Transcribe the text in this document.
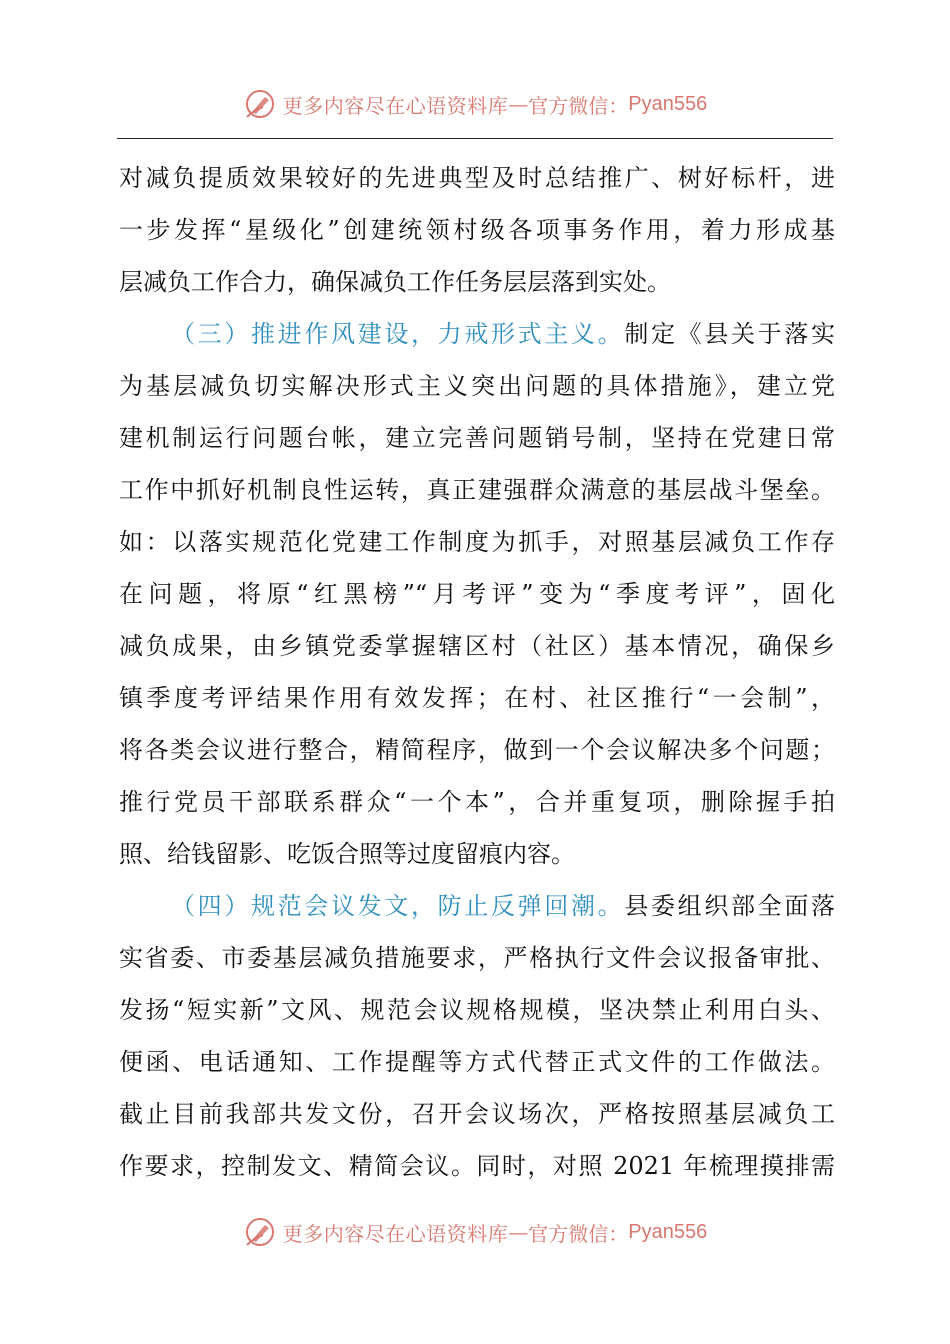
更多内容尽在心语资料库 — 官方微信： Pyan556
对减负提质效果较好的先进典型及时总结推广、树好标杆，进
一步发挥“星级化”创建统领村级各项事务作用，着力形成基
层减负工作合力，确保减负工作任务层层落到实处。
（三）推进作风建设，力戒形式主义。制定《县关于落实
为基层减负切实解决形式主义突出问题的具体措施》，建立党
建机制运行问题台帐，建立完善问题销号制，坚持在党建日常
工作中抓好机制良性运转，真正建强群众满意的基层战斗堡垒。
如：以落实规范化党建工作制度为抓手，对照基层减负工作存
在问题，将原“红黑榜”“月考评”变为“季度考评”，固化
减负成果，由乡镇党委掌握辖区村（社区）基本情况，确保乡
镇季度考评结果作用有效发挥；在村、社区推行“一会制”，
将各类会议进行整合，精简程序，做到一个会议解决多个问题；
推行党员干部联系群众“一个本”，合并重复项，删除握手拍
照、给钱留影、吃饭合照等过度留痕内容。
（四）规范会议发文，防止反弹回潮。县委组织部全面落
实省委、市委基层减负措施要求，严格执行文件会议报备审批、
发扬“短实新”文风、规范会议规格规模，坚决禁止利用白头、
便函、电话通知、工作提醒等方式代替正式文件的工作做法。
截止目前我部共发文份，召开会议场次，严格按照基层减负工
作要求，控制发文、精简会议。同时，对照 2021 年梳理摸排需
更多内容尽在心语资料库 — 官方微信： Pyan556
